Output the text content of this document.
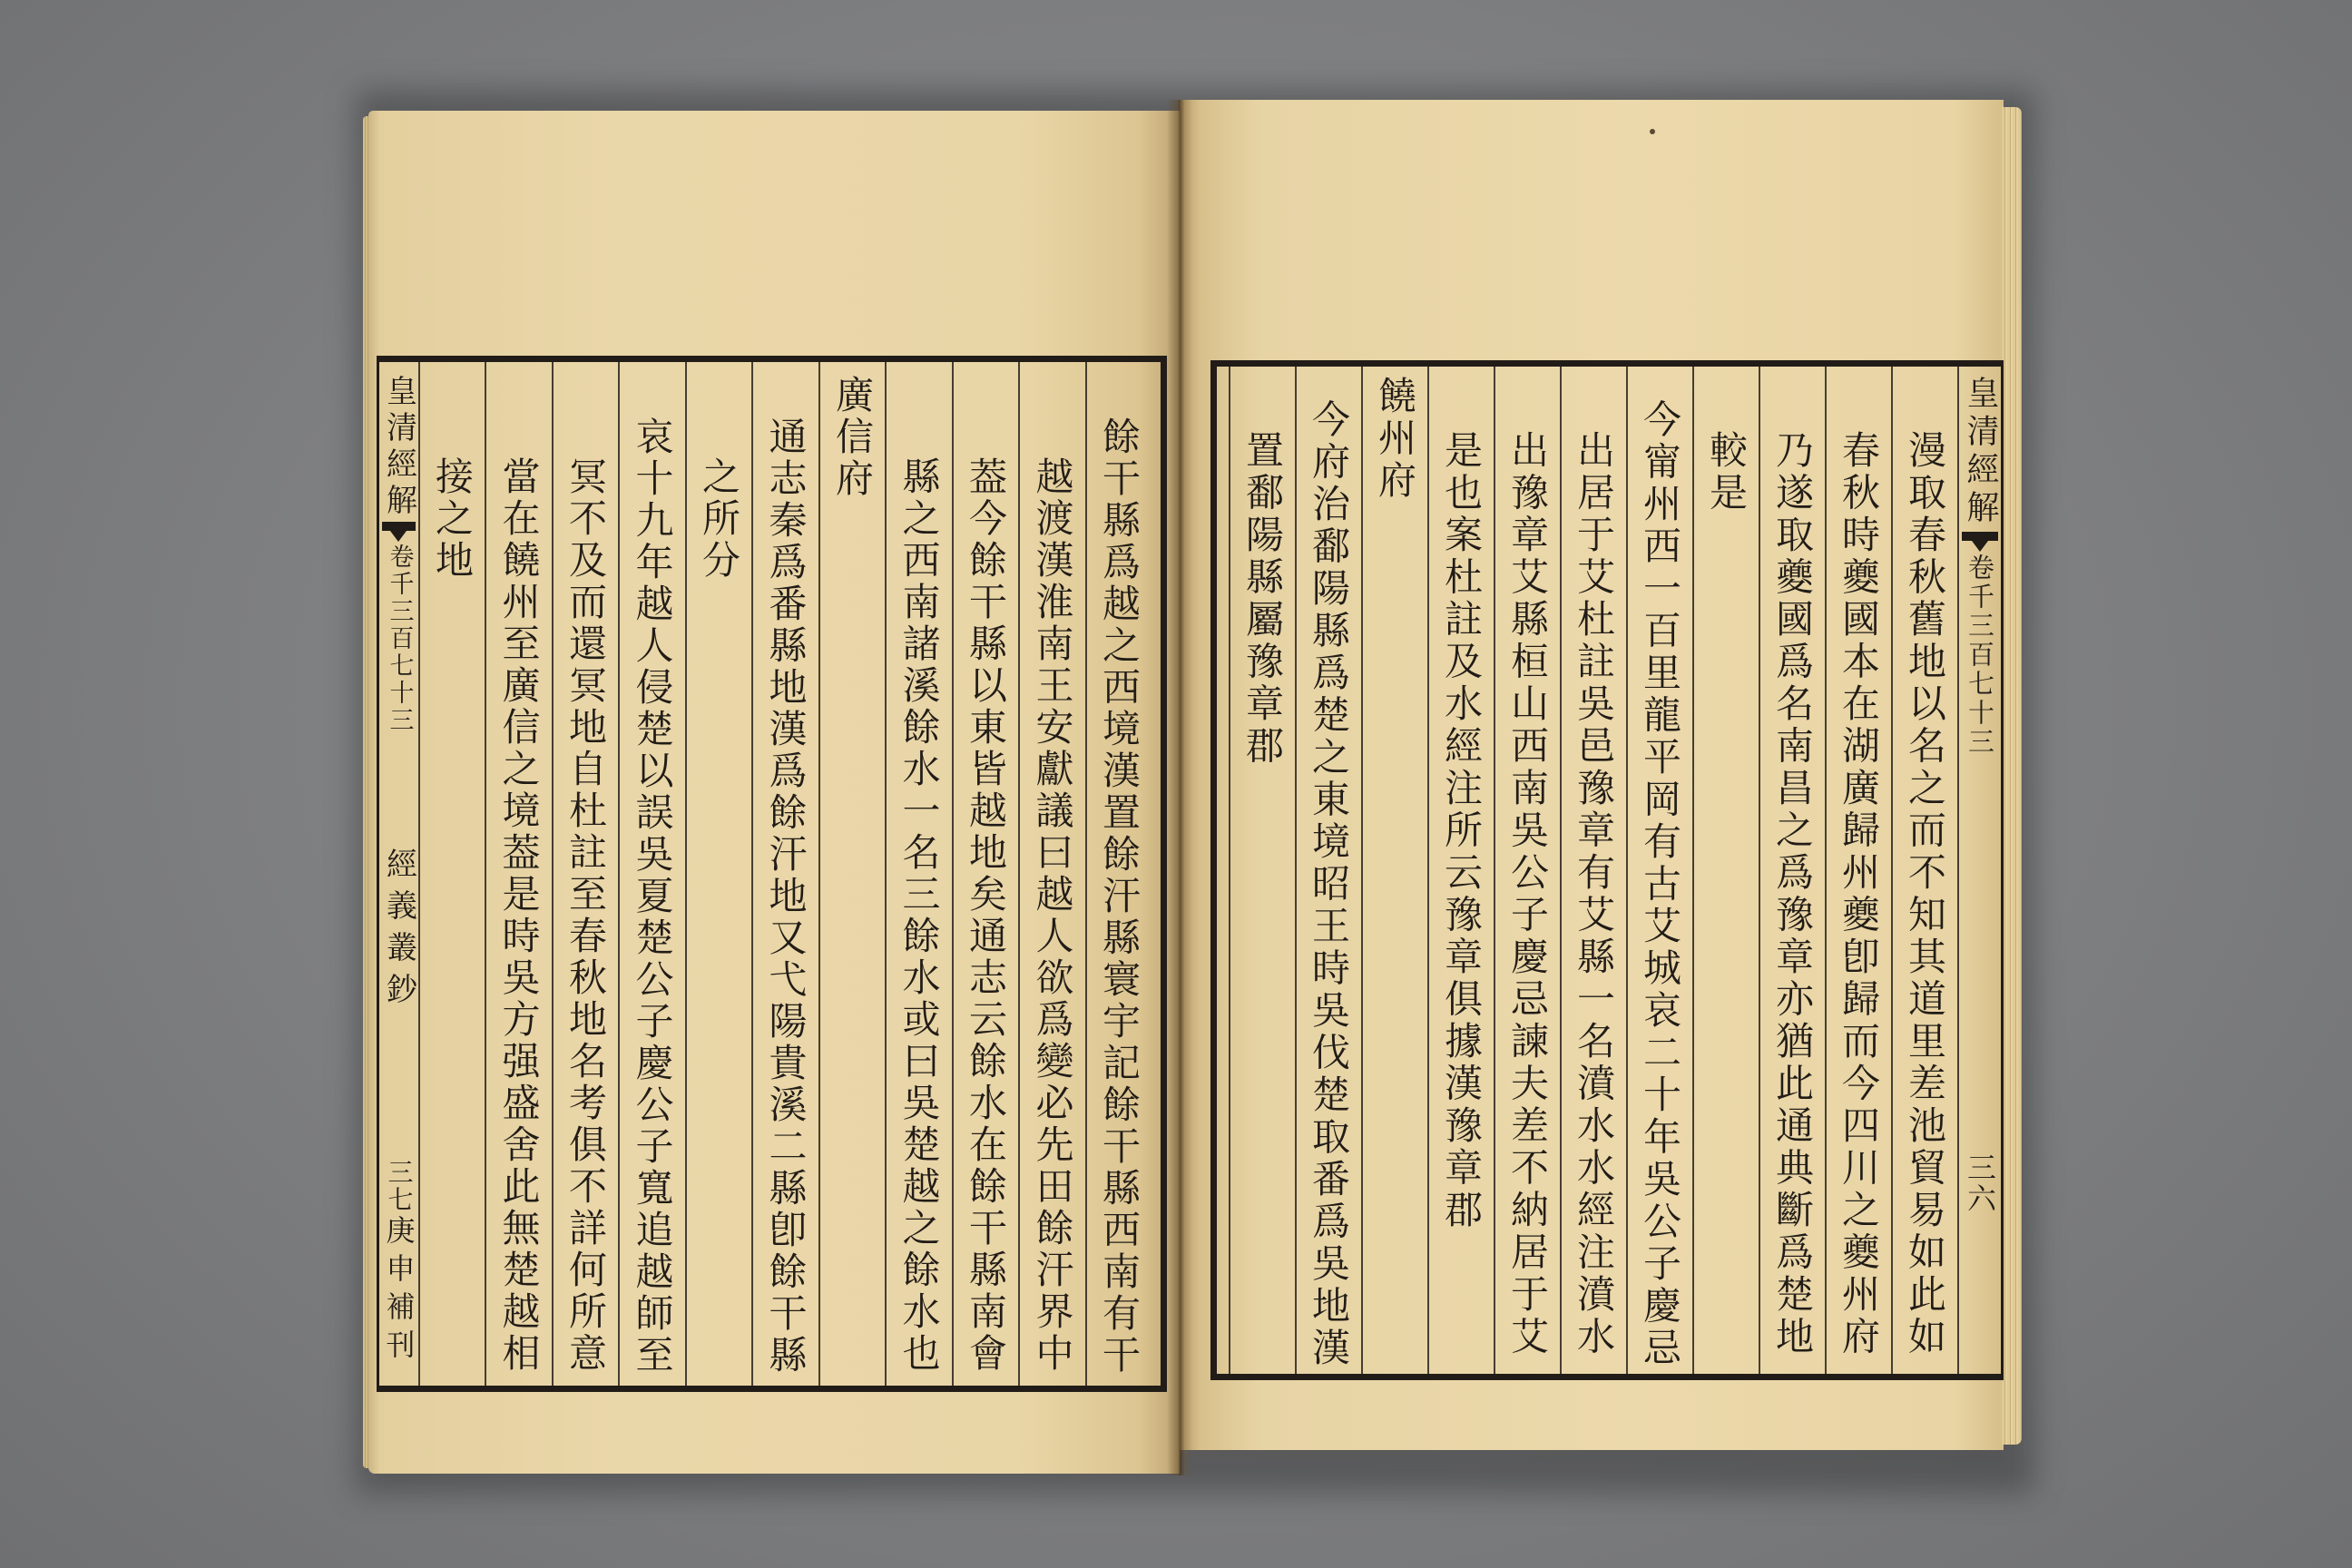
餘干縣爲越之西境漢置餘汗縣寰宇記餘干縣西南有干
越渡漢淮南王安獻議曰越人欲爲變必先田餘汗界中
葢今餘干縣以東皆越地矣通志云餘水在餘干縣南會
縣之西南諸溪餘水一名三餘水或曰吳楚越之餘水也
廣信府
通志秦爲番縣地漢爲餘汗地又弋陽貴溪二縣卽餘干縣
之所分
哀十九年越人侵楚以誤吳夏楚公子慶公子寬追越師至
冥不及而還冥地自杜註至春秋地名考俱不詳何所意
當在饒州至廣信之境葢是時吳方强盛舍此無楚越相
接之地
皇清經解
卷千三百七十三
經義叢鈔
三七
庚申補刊
皇清經解
卷千三百七十三
三六
漫取春秋舊地以名之而不知其道里差池貿易如此如
春秋時夔國本在湖廣歸州夔卽歸而今四川之夔州府
乃遂取夔國爲名南昌之爲豫章亦猶此通典斷爲楚地
較是
今甯州西一百里龍平岡有古艾城哀二十年吳公子慶忌
出居于艾杜註吳邑豫章有艾縣一名濆水水經注濆水
出豫章艾縣桓山西南吳公子慶忌諫夫差不納居于艾
是也案杜註及水經注所云豫章俱據漢豫章郡
饒州府
今府治鄱陽縣爲楚之東境昭王時吳伐楚取番爲吳地漢
置鄱陽縣屬豫章郡
